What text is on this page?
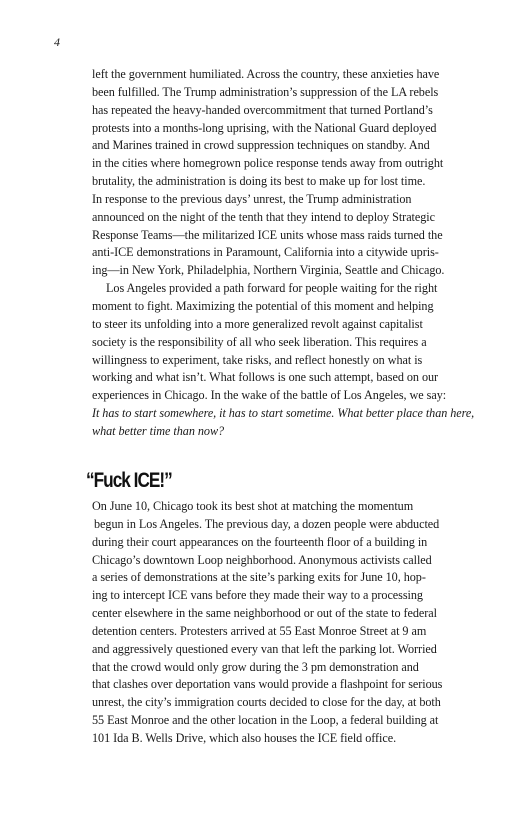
4
left the government humiliated. Across the country, these anxieties have
been fulfilled. The Trump administration’s suppression of the LA rebels
has repeated the heavy-handed overcommitment that turned Portland’s
protests into a months-long uprising, with the National Guard deployed
and Marines trained in crowd suppression techniques on standby. And
in the cities where homegrown police response tends away from outright
brutality, the administration is doing its best to make up for lost time.
In response to the previous days’ unrest, the Trump administration
announced on the night of the tenth that they intend to deploy Strategic
Response Teams—the militarized ICE units whose mass raids turned the
anti-ICE demonstrations in Paramount, California into a citywide upris-
ing—in New York, Philadelphia, Northern Virginia, Seattle and Chicago.
Los Angeles provided a path forward for people waiting for the right
moment to fight. Maximizing the potential of this moment and helping
to steer its unfolding into a more generalized revolt against capitalist
society is the responsibility of all who seek liberation. This requires a
willingness to experiment, take risks, and reflect honestly on what is
working and what isn’t. What follows is one such attempt, based on our
experiences in Chicago. In the wake of the battle of Los Angeles, we say:
It has to start somewhere, it has to start sometime. What better place than here,
what better time than now?
“Fuck ICE!”
On June 10, Chicago took its best shot at matching the momentum
begun in Los Angeles. The previous day, a dozen people were abducted
during their court appearances on the fourteenth floor of a building in
Chicago’s downtown Loop neighborhood. Anonymous activists called
a series of demonstrations at the site’s parking exits for June 10, hop-
ing to intercept ICE vans before they made their way to a processing
center elsewhere in the same neighborhood or out of the state to federal
detention centers. Protesters arrived at 55 East Monroe Street at 9 am
and aggressively questioned every van that left the parking lot. Worried
that the crowd would only grow during the 3 pm demonstration and
that clashes over deportation vans would provide a flashpoint for serious
unrest, the city’s immigration courts decided to close for the day, at both
55 East Monroe and the other location in the Loop, a federal building at
101 Ida B. Wells Drive, which also houses the ICE field office.
